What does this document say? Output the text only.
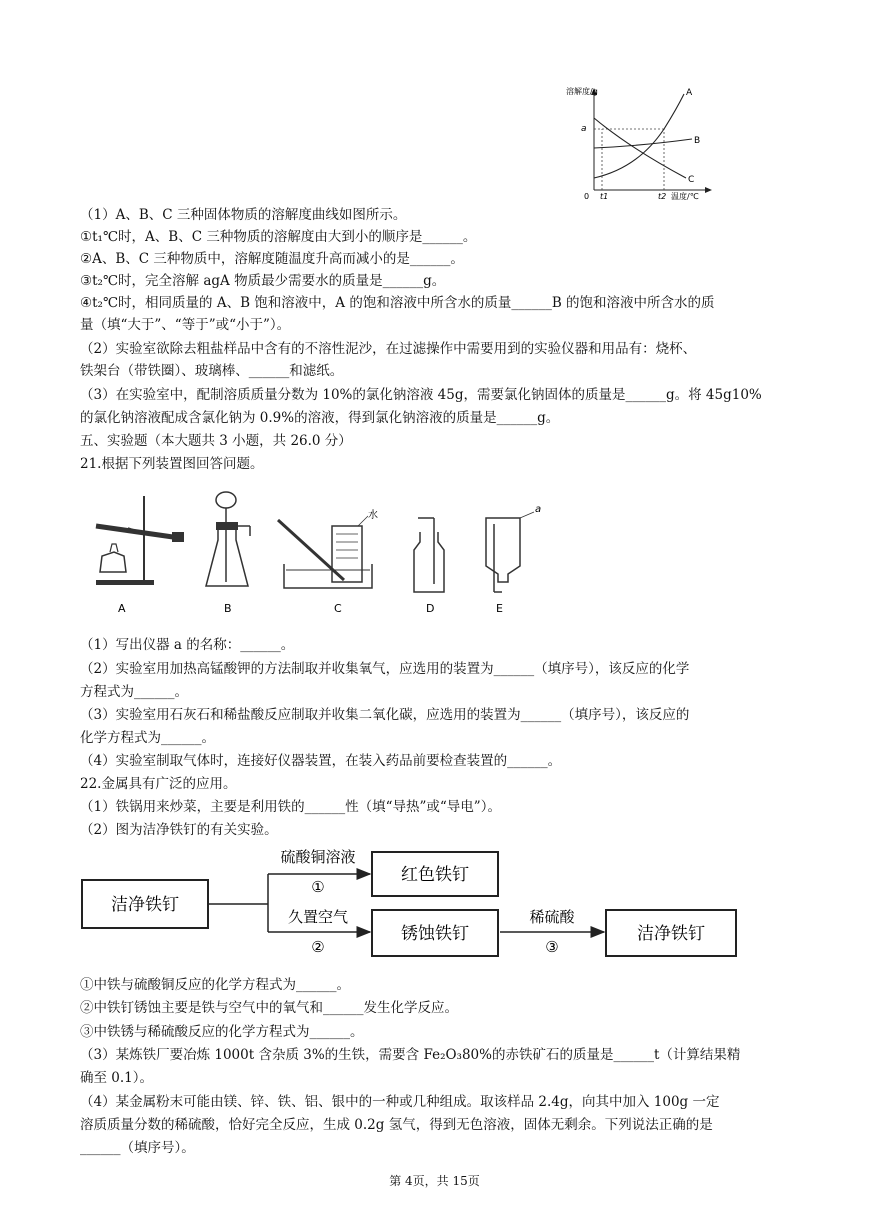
溶解度/g
温度/℃
a
0 t1	t2
A
B
C
（1）A、B、C 三种固体物质的溶解度曲线如图所示。
①t₁℃时，A、B、C 三种物质的溶解度由大到小的顺序是______。
②A、B、C 三种物质中，溶解度随温度升高而减小的是______。
③t₂℃时，完全溶解 agA 物质最少需要水的质量是______g。
④t₂℃时，相同质量的 A、B 饱和溶液中，A 的饱和溶液中所含水的质量______B 的饱和溶液中所含水的质
量（填“大于”、“等于”或“小于”）。
（2）实验室欲除去粗盐样品中含有的不溶性泥沙，在过滤操作中需要用到的实验仪器和用品有：烧杯、
铁架台（带铁圈）、玻璃棒、______和滤纸。
（3）在实验室中，配制溶质质量分数为 10%的氯化钠溶液 45g，需要氯化钠固体的质量是______g。将 45g10%
的氯化钠溶液配成含氯化钠为 0.9%的溶液，得到氯化钠溶液的质量是______g。
五、实验题（本大题共 3 小题，共 26.0 分）
21.根据下列装置图回答问题。
A	B
水
C	D
a
E
（1）写出仪器 a 的名称：______。
（2）实验室用加热高锰酸钾的方法制取并收集氧气，应选用的装置为______（填序号），该反应的化学
方程式为______。
（3）实验室用石灰石和稀盐酸反应制取并收集二氧化碳，应选用的装置为______（填序号），该反应的
化学方程式为______。
（4）实验室制取气体时，连接好仪器装置，在装入药品前要检查装置的______。
22.金属具有广泛的应用。
（1）铁锅用来炒菜，主要是利用铁的______性（填“导热”或“导电”）。
（2）图为洁净铁钉的有关实验。
洁净铁钉
硫酸铜溶液
①
久置空气
②
红色铁钉
锈蚀铁钉
稀硫酸
③
洁净铁钉
①中铁与硫酸铜反应的化学方程式为______。
②中铁钉锈蚀主要是铁与空气中的氧气和______发生化学反应。
③中铁锈与稀硫酸反应的化学方程式为______。
（3）某炼铁厂要冶炼 1000t 含杂质 3%的生铁，需要含 Fe₂O₃80%的赤铁矿石的质量是______t（计算结果精
确至 0.1）。
（4）某金属粉末可能由镁、锌、铁、铝、银中的一种或几种组成。取该样品 2.4g，向其中加入 100g 一定
溶质质量分数的稀硫酸，恰好完全反应，生成 0.2g 氢气，得到无色溶液，固体无剩余。下列说法正确的是
______（填序号）。
第 4页，共 15页
